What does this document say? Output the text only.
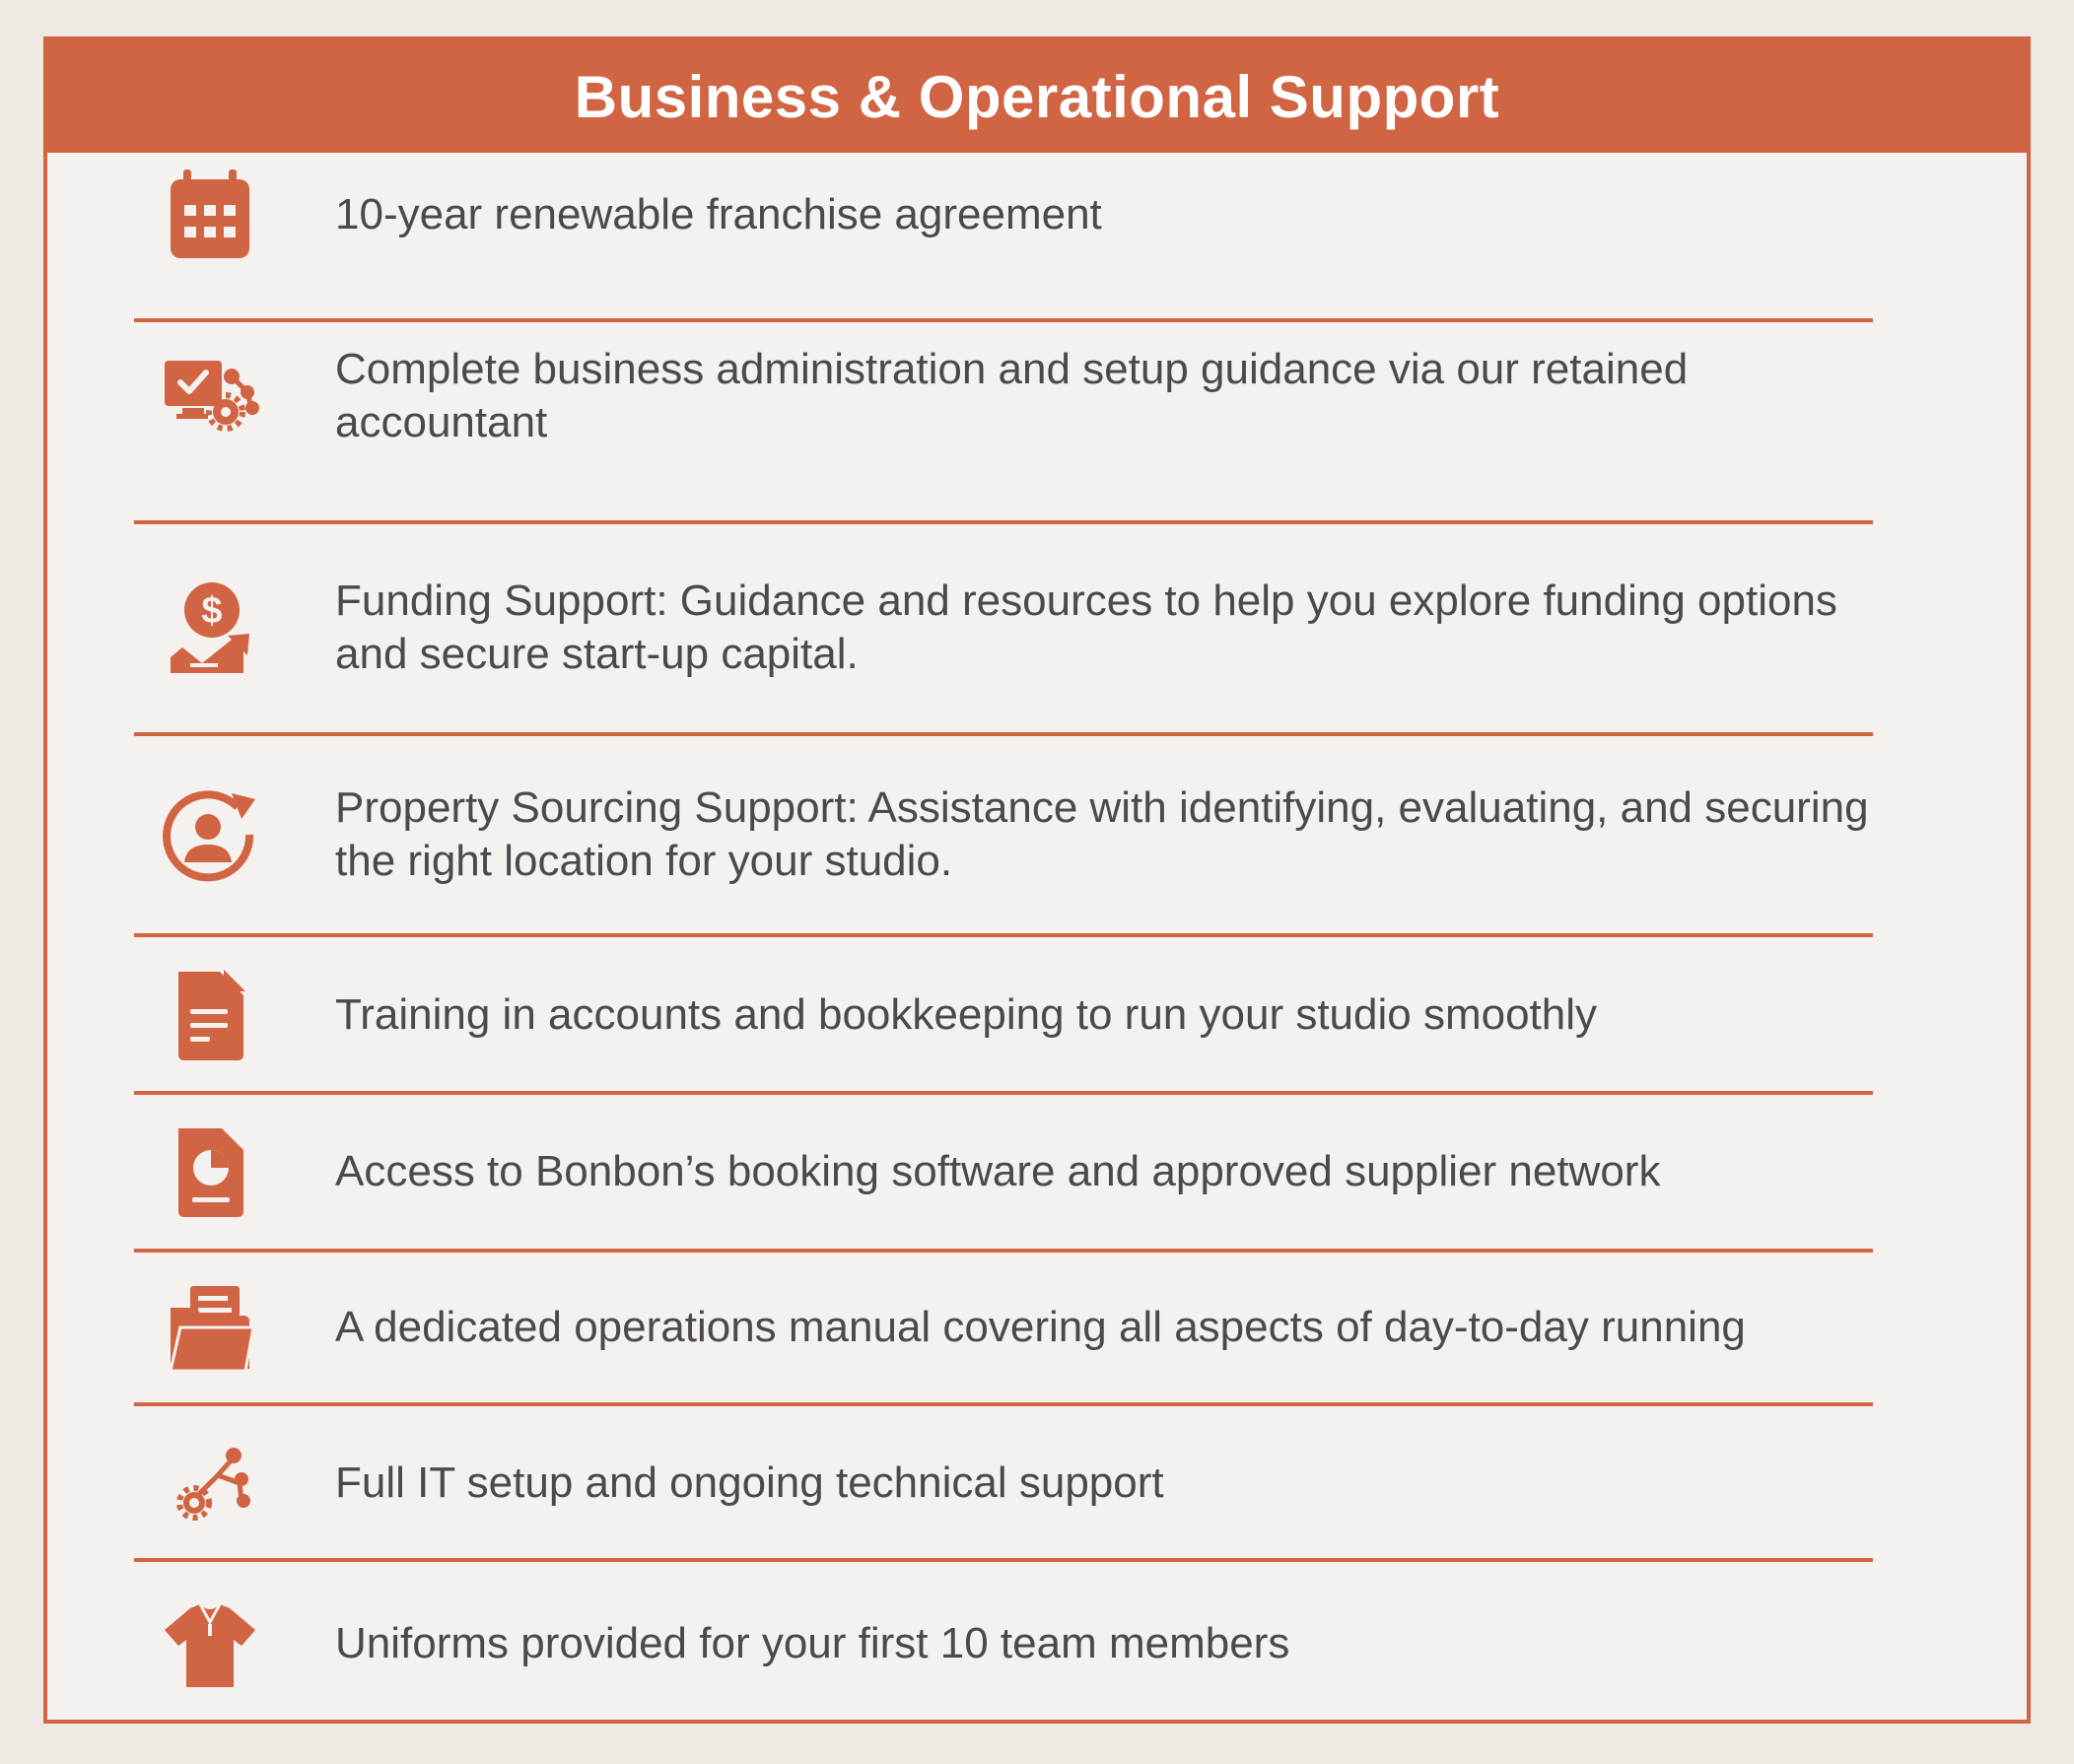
Business & Operational Support
10-year renewable franchise agreement
Complete business administration and setup guidance via our retained accountant
$	Funding Support: Guidance and resources to help you explore funding options and secure start-up capital.
Property Sourcing Support: Assistance with identifying, evaluating, and securing the right location for your studio.
Training in accounts and bookkeeping to run your studio smoothly
Access to Bonbon’s booking software and approved supplier network
A dedicated operations manual covering all aspects of day-to-day running
Full IT setup and ongoing technical support
Uniforms provided for your first 10 team members
